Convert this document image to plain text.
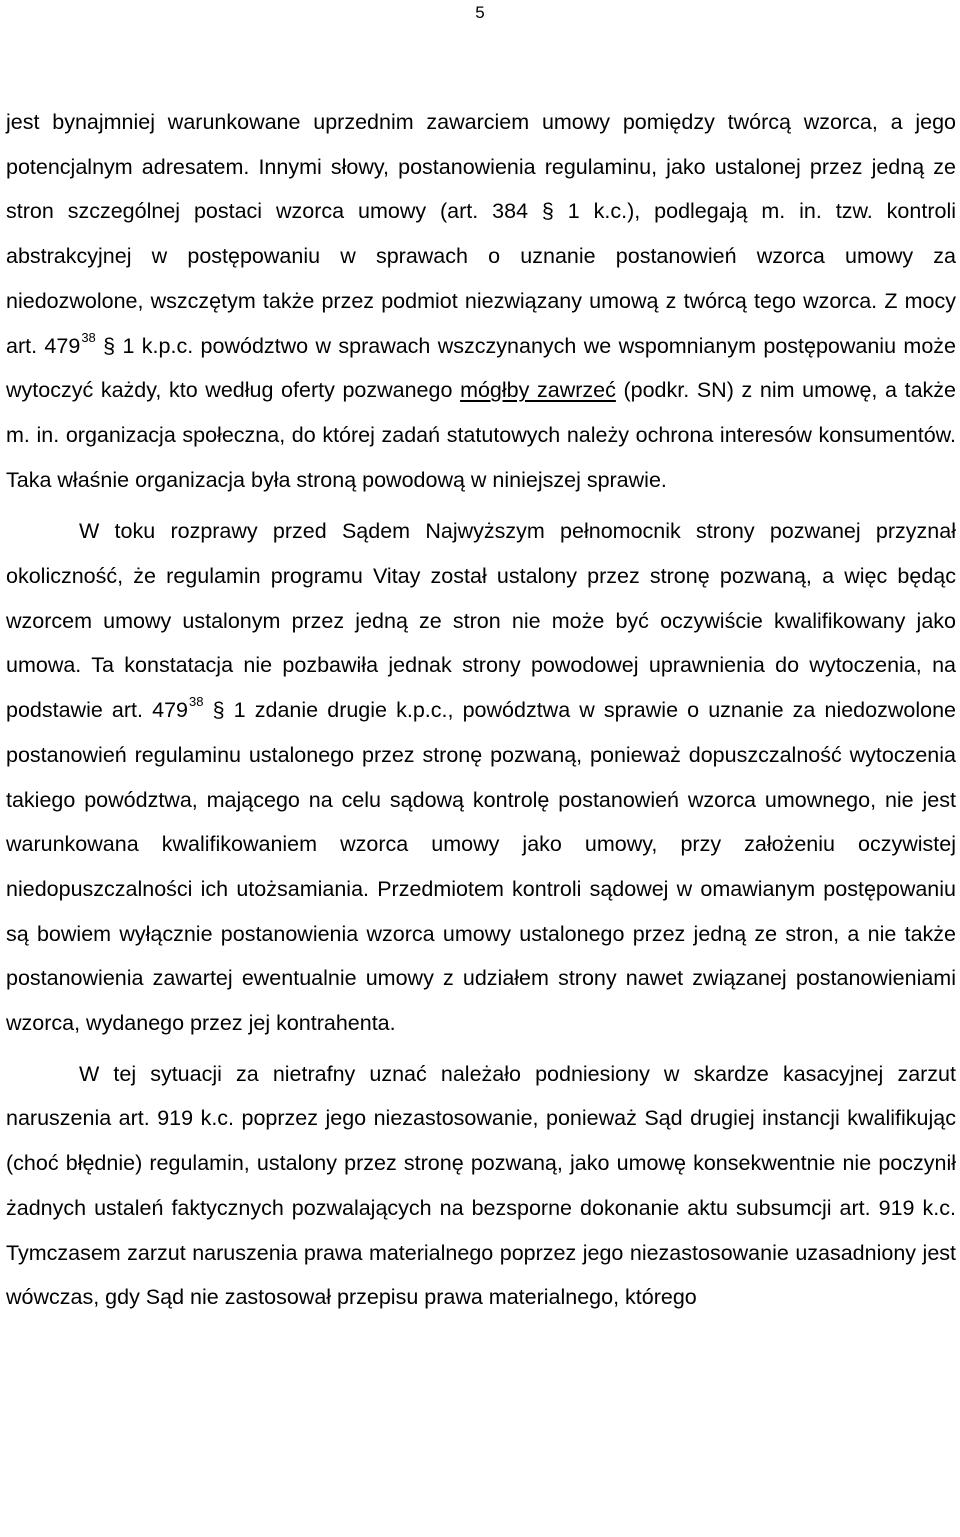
5

jest bynajmniej warunkowane uprzednim zawarciem umowy pomiędzy twórcą wzorca, a jego potencjalnym adresatem. Innymi słowy, postanowienia regulaminu, jako ustalonej przez jedną ze stron szczególnej postaci wzorca umowy (art. 384 § 1 k.c.), podlegają m. in. tzw. kontroli abstrakcyjnej w postępowaniu w sprawach o uznanie postanowień wzorca umowy za niedozwolone, wszczętym także przez podmiot niezwiązany umową z twórcą tego wzorca. Z mocy art. $479^{38}$ § 1 k.p.c. powództwo w sprawach wszczynanych we wspomnianym postępowaniu może wytoczyć każdy, kto według oferty pozwanego mógłby zawrzeć (podkr. SN) z nim umowę, a także m. in. organizacja społeczna, do której zadań statutowych należy ochrona interesów konsumentów. Taka właśnie organizacja była stroną powodową w niniejszej sprawie.

W toku rozprawy przed Sądem Najwyższym pełnomocnik strony pozwanej przyznał okoliczność, że regulamin programu Vitay został ustalony przez stronę pozwaną, a więc będąc wzorcem umowy ustalonym przez jedną ze stron nie może być oczywiście kwalifikowany jako umowa. Ta konstatacja nie pozbawiła jednak strony powodowej uprawnienia do wytoczenia, na podstawie art. $479^{38}$ § 1 zdanie drugie k.p.c., powództwa w sprawie o uznanie za niedozwolone postanowień regulaminu ustalonego przez stronę pozwaną, ponieważ dopuszczalność wytoczenia takiego powództwa, mającego na celu sądową kontrolę postanowień wzorca umownego, nie jest warunkowana kwalifikowaniem wzorca umowy jako umowy, przy założeniu oczywistej niedopuszczalności ich utożsamiania. Przedmiotem kontroli sądowej w omawianym postępowaniu są bowiem wyłącznie postanowienia wzorca umowy ustalonego przez jedną ze stron, a nie także postanowienia zawartej ewentualnie umowy z udziałem strony nawet związanej postanowieniami wzorca, wydanego przez jej kontrahenta.

W tej sytuacji za nietrafny uznać należało podniesiony w skardze kasacyjnej zarzut naruszenia art. 919 k.c. poprzez jego niezastosowanie, ponieważ Sąd drugiej instancji kwalifikując (choć błędnie) regulamin, ustalony przez stronę pozwaną, jako umowę konsekwentnie nie poczynił żadnych ustaleń faktycznych pozwalających na bezsporne dokonanie aktu subsumcji art. 919 k.c. Tymczasem zarzut naruszenia prawa materialnego poprzez jego niezastosowanie uzasadniony jest wówczas, gdy Sąd nie zastosował przepisu prawa materialnego, którego
